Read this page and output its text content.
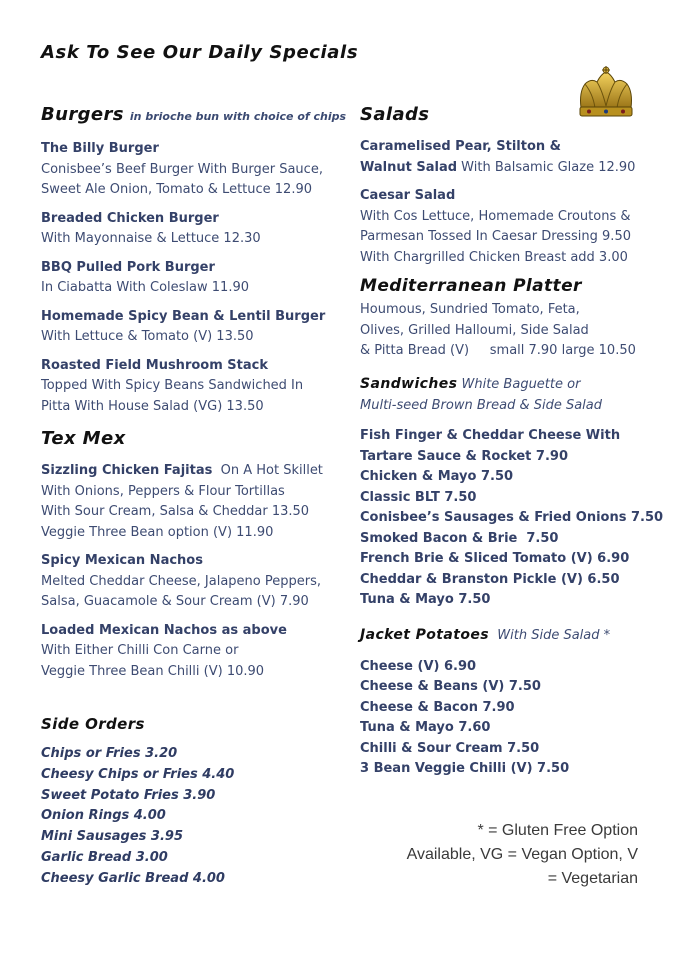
Ask To See Our Daily Specials
Burgers in brioche bun with choice of chips
The Billy Burger
Conisbee’s Beef Burger With Burger Sauce,
Sweet Ale Onion, Tomato & Lettuce 12.90
Breaded Chicken Burger
With Mayonnaise & Lettuce 12.30
BBQ Pulled Pork Burger
In Ciabatta With Coleslaw 11.90
Homemade Spicy Bean & Lentil Burger
With Lettuce & Tomato (V) 13.50
Roasted Field Mushroom Stack
Topped With Spicy Beans Sandwiched In
Pitta With House Salad (VG) 13.50
Tex Mex
Sizzling Chicken Fajitas On A Hot Skillet
With Onions, Peppers & Flour Tortillas
With Sour Cream, Salsa & Cheddar 13.50
Veggie Three Bean option (V) 11.90
Spicy Mexican Nachos
Melted Cheddar Cheese, Jalapeno Peppers,
Salsa, Guacamole & Sour Cream (V) 7.90
Loaded Mexican Nachos as above
With Either Chilli Con Carne or
Veggie Three Bean Chilli (V) 10.90
Side Orders
Chips or Fries 3.20
Cheesy Chips or Fries 4.40
Sweet Potato Fries 3.90
Onion Rings 4.00
Mini Sausages 3.95
Garlic Bread 3.00
Cheesy Garlic Bread 4.00
Salads
Caramelised Pear, Stilton &
Walnut Salad With Balsamic Glaze 12.90
Caesar Salad
With Cos Lettuce, Homemade Croutons &
Parmesan Tossed In Caesar Dressing 9.50
With Chargrilled Chicken Breast add 3.00
Mediterranean Platter
Houmous, Sundried Tomato, Feta,
Olives, Grilled Halloumi, Side Salad
& Pitta Bread (V)     small 7.90 large 10.50
Sandwiches White Baguette or
Multi-seed Brown Bread & Side Salad
Fish Finger & Cheddar Cheese With
Tartare Sauce & Rocket 7.90
Chicken & Mayo 7.50
Classic BLT 7.50
Conisbee’s Sausages & Fried Onions 7.50
Smoked Bacon & Brie  7.50
French Brie & Sliced Tomato (V) 6.90
Cheddar & Branston Pickle (V) 6.50
Tuna & Mayo 7.50
Jacket Potatoes With Side Salad *
Cheese (V) 6.90
Cheese & Beans (V) 7.50
Cheese & Bacon 7.90
Tuna & Mayo 7.60
Chilli & Sour Cream 7.50
3 Bean Veggie Chilli (V) 7.50
* = Gluten Free Option
Available, VG = Vegan Option, V
= Vegetarian
